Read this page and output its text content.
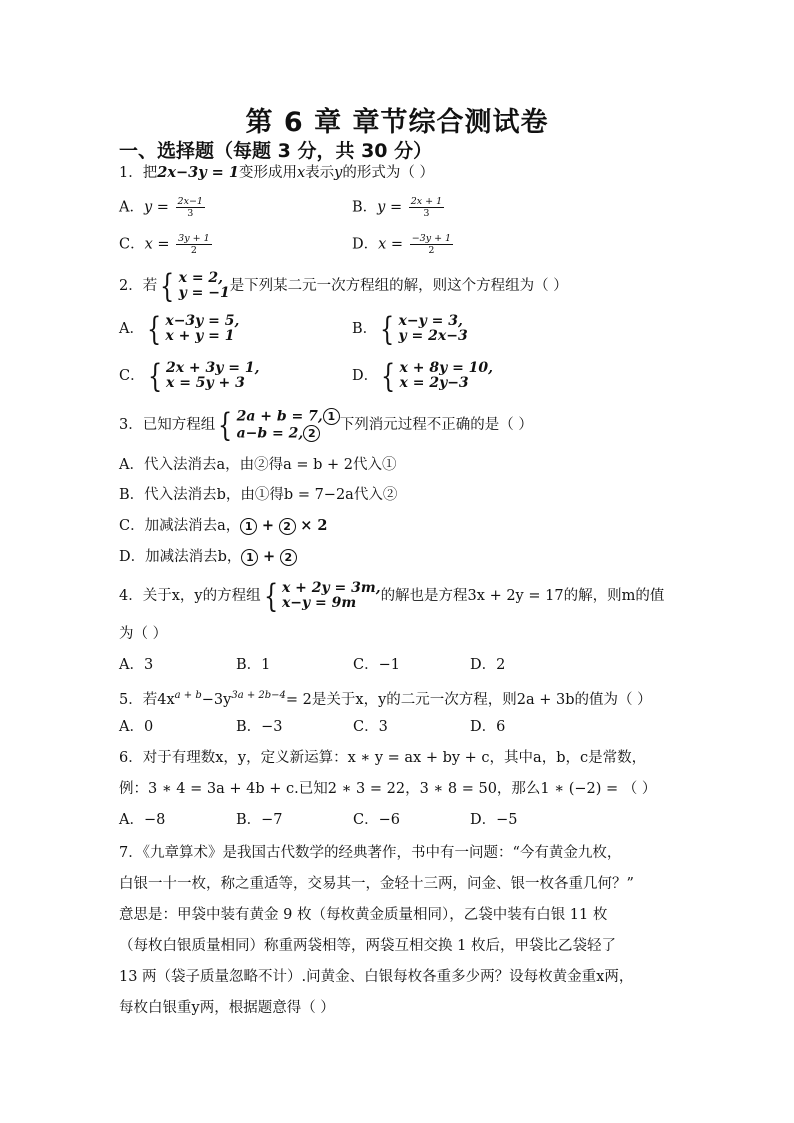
第 6 章 章节综合测试卷
一、选择题（每题 3 分，共 30 分）
1．把2x−3y = 1变形成用x表示y的形式为（ ）
A．$y = \frac{2x-1}{3}$	B．$y = \frac{2x + 1}{3}$
C．$x = \frac{3y + 1}{2}$	D．$x = \frac{-3y + 1}{2}$
2．若 { x = 2,
y = −1 是下列某二元一次方程组的解，则这个方程组为（ ）
A． { x−3y = 5,
x + y = 1	B． { x−y = 3,
y = 2x−3
C． { 2x + 3y = 1,
x = 5y + 3	D． { x + 8y = 10,
x = 2y−3
3．已知方程组 { 2a + b = 7, 1
a−b = 2, 2
下列消元过程不正确的是（ ）
A．代入法消去a，由②得a = b + 2代入①
B．代入法消去b，由①得b = 7−2a代入②
C．加减法消去a， 1 + 2 × 2
D．加减法消去b， 1 + 2
4．关于x，y的方程组 { x + 2y = 3m,
x−y = 9m	的解也是方程3x + 2y = 17的解，则m的值
为（ ）
A．3	B．1	C．−1	D．2
5．若$4x^{a + b}-3y^{3a + 2b-4}= 2$是关于x，y的二元一次方程，则2a + 3b的值为（ ）
A．0	B．−3	C．3	D．6
6．对于有理数x，y，定义新运算：x ∗ y = ax + by + c，其中a，b，c是常数，
例：3 ∗ 4 = 3a + 4b + c.已知2 ∗ 3 = 22，3 ∗ 8 = 50，那么1 ∗ (−2) = （ ）
A．−8	B．−7	C．−6	D．−5
7．《九章算术》是我国古代数学的经典著作，书中有一问题：“今有黄金九枚，
白银一十一枚，称之重适等，交易其一，金轻十三两，问金、银一枚各重几何？”
意思是：甲袋中装有黄金 9 枚（每枚黄金质量相同），乙袋中装有白银 11 枚
（每枚白银质量相同）称重两袋相等，两袋互相交换 1 枚后，甲袋比乙袋轻了
13 两（袋子质量忽略不计）.问黄金、白银每枚各重多少两？设每枚黄金重x两，
每枚白银重y两，根据题意得（ ）
